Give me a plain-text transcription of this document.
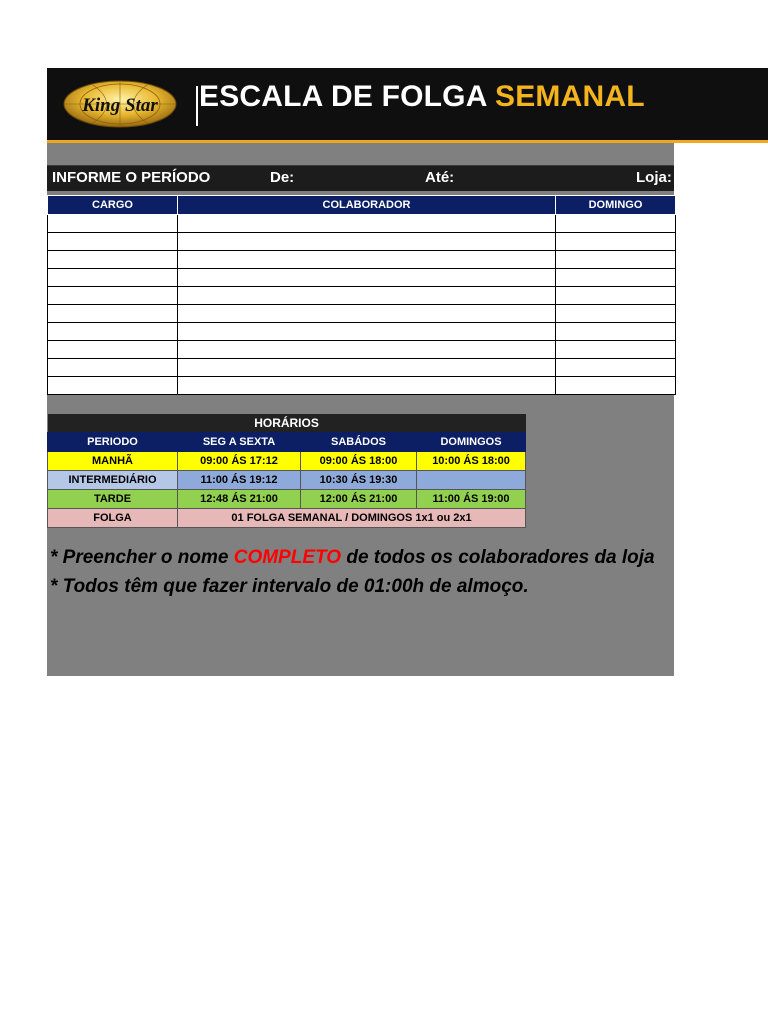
King Star ESCALA DE FOLGA SEMANAL
INFORME O PERÍODO	De:	Até:	Loja:
CARGO	COLABORADOR	DOMINGO

HORÁRIOS			
PERIODO	SEG A SEXTA	SABÁDOS	DOMINGOS
MANHÃ	09:00 ÁS 17:12	09:00 ÁS 18:00	10:00 ÁS 18:00
INTERMEDIÁRIO	11:00 ÁS 19:12	10:30 ÁS 19:30	
TARDE	12:48 ÁS 21:00	12:00 ÁS 21:00	11:00 ÁS 19:00
FOLGA	01 FOLGA SEMANAL / DOMINGOS 1x1 ou 2x1		
* Preencher o nome COMPLETO de todos os colaboradores da loja
* Todos têm que fazer intervalo de 01:00h de almoço.
